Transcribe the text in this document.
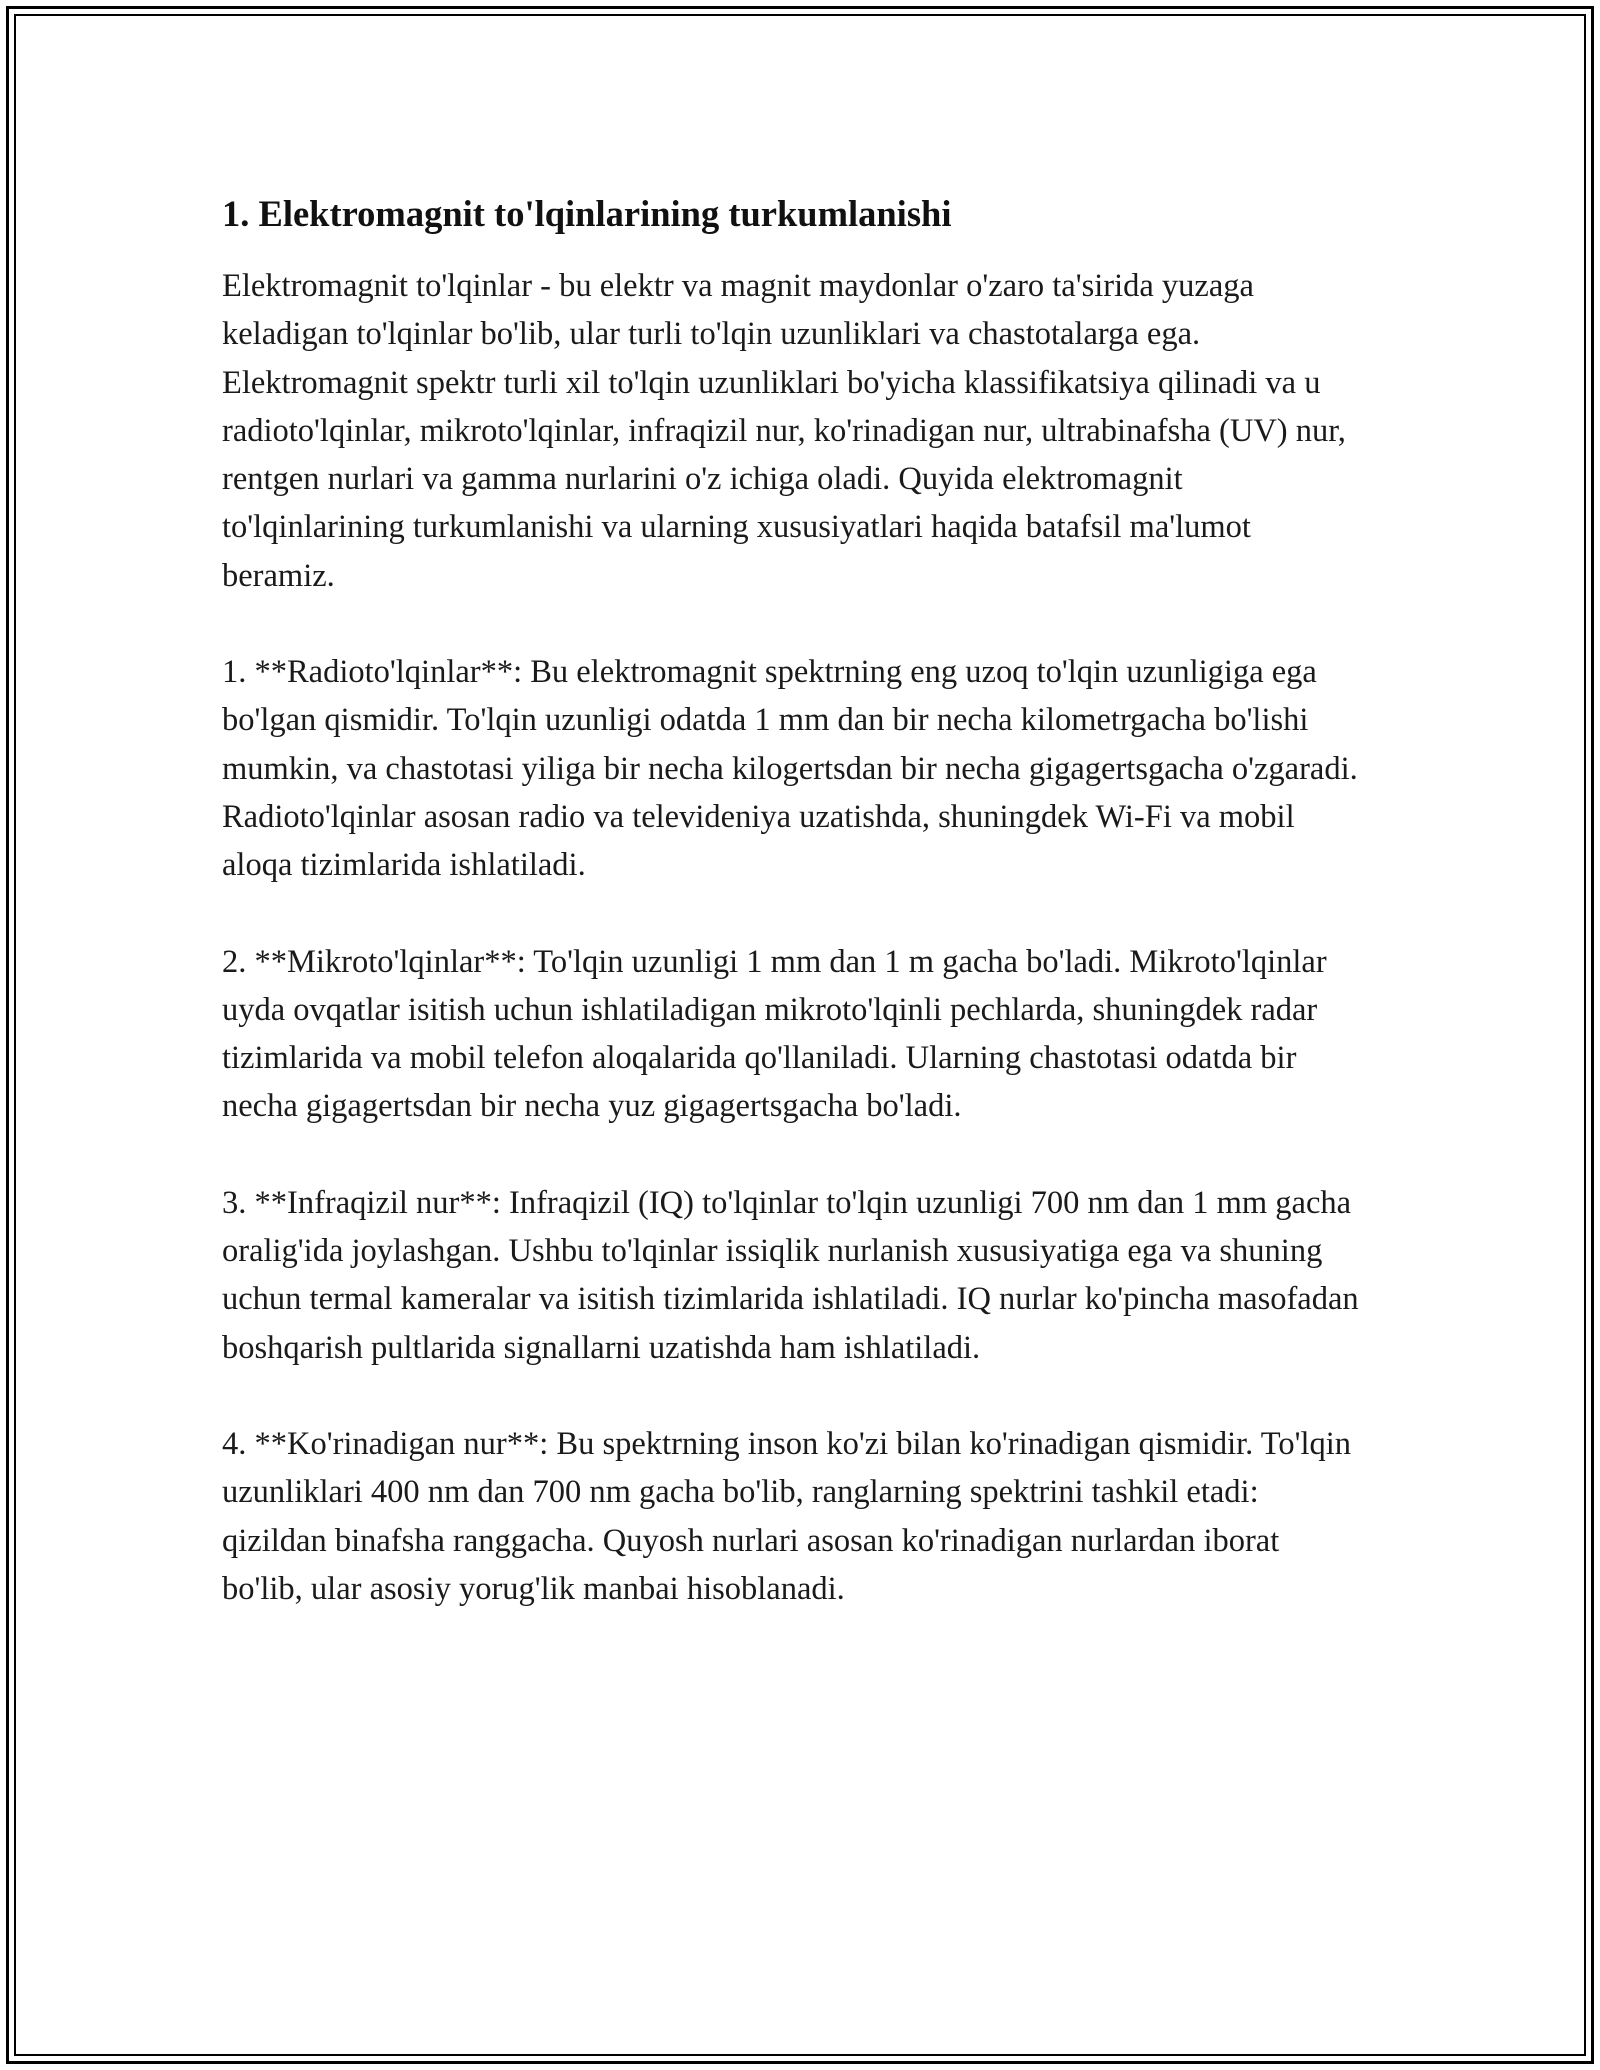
1. Elektromagnit to'lqinlarining turkumlanishi

Elektromagnit to'lqinlar - bu elektr va magnit maydonlar o'zaro ta'sirida yuzaga keladigan to'lqinlar bo'lib, ular turli to'lqin uzunliklari va chastotalarga ega. Elektromagnit spektr turli xil to'lqin uzunliklari bo'yicha klassifikatsiya qilinadi va u radioto'lqinlar, mikroto'lqinlar, infraqizil nur, ko'rinadigan nur, ultrabinafsha (UV) nur, rentgen nurlari va gamma nurlarini o'z ichiga oladi. Quyida elektromagnit to'lqinlarining turkumlanishi va ularning xususiyatlari haqida batafsil ma'lumot beramiz.

1. **Radioto'lqinlar**: Bu elektromagnit spektrning eng uzoq to'lqin uzunligiga ega bo'lgan qismidir. To'lqin uzunligi odatda 1 mm dan bir necha kilometrgacha bo'lishi mumkin, va chastotasi yiliga bir necha kilogertsdan bir necha gigagertsgacha o'zgaradi. Radioto'lqinlar asosan radio va televideniya uzatishda, shuningdek Wi-Fi va mobil aloqa tizimlarida ishlatiladi.

2. **Mikroto'lqinlar**: To'lqin uzunligi 1 mm dan 1 m gacha bo'ladi. Mikroto'lqinlar uyda ovqatlar isitish uchun ishlatiladigan mikroto'lqinli pechlarda, shuningdek radar tizimlarida va mobil telefon aloqalarida qo'llaniladi. Ularning chastotasi odatda bir necha gigagertsdan bir necha yuz gigagertsgacha bo'ladi.

3. **Infraqizil nur**: Infraqizil (IQ) to'lqinlar to'lqin uzunligi 700 nm dan 1 mm gacha oralig'ida joylashgan. Ushbu to'lqinlar issiqlik nurlanish xususiyatiga ega va shuning uchun termal kameralar va isitish tizimlarida ishlatiladi. IQ nurlar ko'pincha masofadan boshqarish pultlarida signallarni uzatishda ham ishlatiladi.

4. **Ko'rinadigan nur**: Bu spektrning inson ko'zi bilan ko'rinadigan qismidir. To'lqin uzunliklari 400 nm dan 700 nm gacha bo'lib, ranglarning spektrini tashkil etadi: qizildan binafsha ranggacha. Quyosh nurlari asosan ko'rinadigan nurlardan iborat bo'lib, ular asosiy yorug'lik manbai hisoblanadi.
